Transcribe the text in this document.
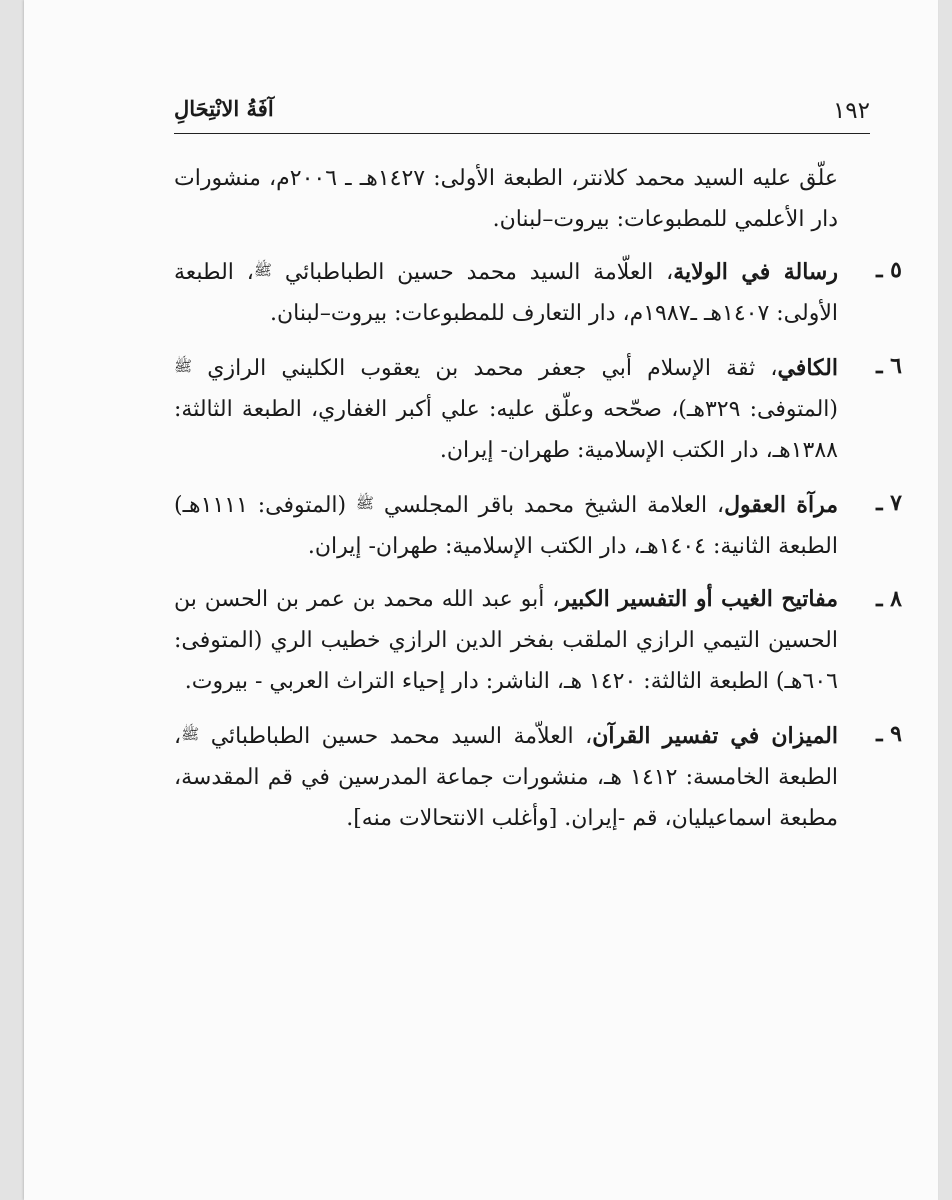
١٩٢
آفَةُ الانْتِحَالِ

علّق عليه السيد محمد كلانتر، الطبعة الأولى: ١٤٢٧هـ ـ ٢٠٠٦م، منشورات دار الأعلمي للمطبوعات: بيروت–لبنان.

٥ ـ
رسالة في الولاية، العلّامة السيد محمد حسين الطباطبائي ﷺ، الطبعة الأولى: ١٤٠٧هـ ـ١٩٨٧م، دار التعارف للمطبوعات: بيروت–لبنان.
٦ ـ
الكافي، ثقة الإسلام أبي جعفر محمد بن يعقوب الكليني الرازي ﷺ (المتوفى: ٣٢٩هـ)، صحّحه وعلّق عليه: علي أكبر الغفاري، الطبعة الثالثة: ١٣٨٨هـ، دار الكتب الإسلامية: طهران- إيران.
٧ ـ
مرآة العقول، العلامة الشيخ محمد باقر المجلسي ﷺ (المتوفى: ١١١١هـ) الطبعة الثانية: ١٤٠٤هـ، دار الكتب الإسلامية: طهران- إيران.
٨ ـ
مفاتيح الغيب أو التفسير الكبير، أبو عبد الله محمد بن عمر بن الحسن بن الحسين التيمي الرازي الملقب بفخر الدين الرازي خطيب الري (المتوفى: ٦٠٦هـ) الطبعة الثالثة: ١٤٢٠ هـ، الناشر: دار إحياء التراث العربي - بيروت.
٩ ـ
الميزان في تفسير القرآن، العلاّمة السيد محمد حسين الطباطبائي ﷺ، الطبعة الخامسة: ١٤١٢ هـ، منشورات جماعة المدرسين في قم المقدسة، مطبعة اسماعيليان، قم -إيران. [وأغلب الانتحالات منه].
